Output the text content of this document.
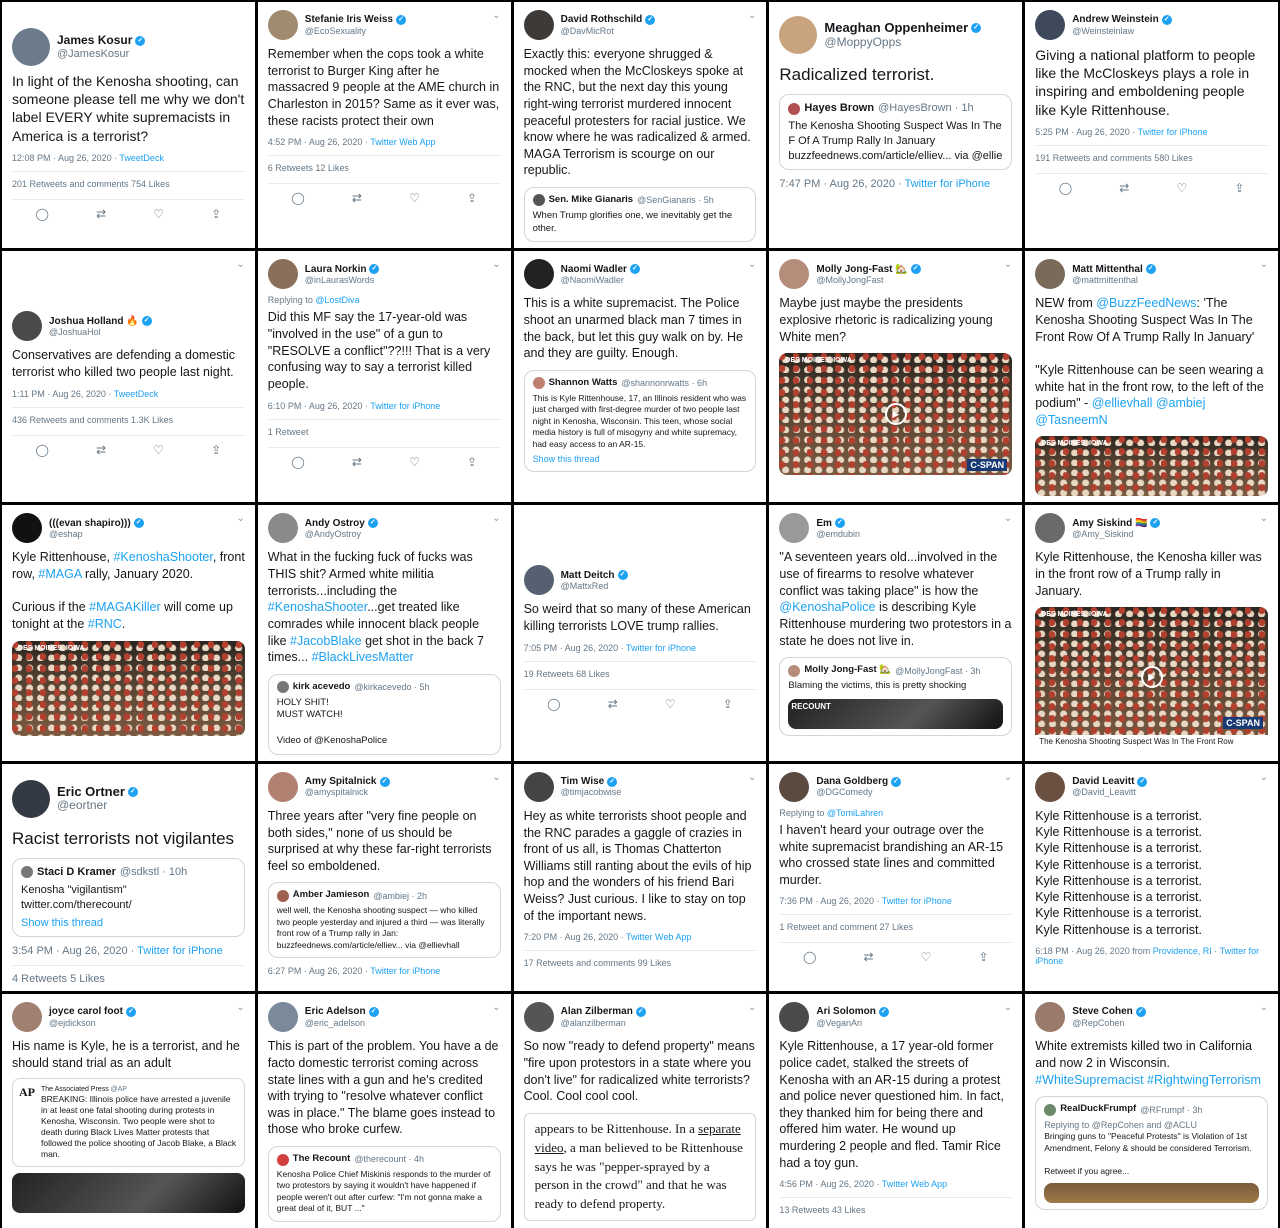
James Kosur ✓
@JamesKosur
In light of the Kenosha shooting, can someone please tell me why we don't label EVERY white supremacists in America is a terrorist?
12:08 PM · Aug 26, 2020 · TweetDeck
201 Retweets and comments 754 Likes
◯	⇄	♡	⇪
⌄
Stefanie Iris Weiss ✓
@EcoSexuality
Remember when the cops took a white terrorist to Burger King after he massacred 9 people at the AME church in Charleston in 2015? Same as it ever was, these racists protect their own
4:52 PM · Aug 26, 2020 · Twitter Web App
6 Retweets 12 Likes
◯	⇄	♡	⇪
⌄
David Rothschild ✓
@DavMicRot
Exactly this: everyone shrugged & mocked when the McCloskeys spoke at the RNC, but the next day this young right-wing terrorist murdered innocent peaceful protesters for racial justice. We know where he was radicalized & armed. MAGA Terrorism is scourge on our republic.
Sen. Mike Gianaris @SenGianaris · 5h
When Trump glorifies one, we inevitably get the other.
Meaghan Oppenheimer ✓
@MoppyOpps
Radicalized terrorist.
Hayes Brown @HayesBrown · 1h
The Kenosha Shooting Suspect Was In The F Of A Trump Rally In January buzzfeednews.com/article/elliev... via @ellie
7:47 PM · Aug 26, 2020 · Twitter for iPhone
Andrew Weinstein ✓
@Weinsteinlaw
Giving a national platform to people like the McCloskeys plays a role in inspiring and emboldening people like Kyle Rittenhouse.
5:25 PM · Aug 26, 2020 · Twitter for iPhone
191 Retweets and comments 580 Likes
◯	⇄	♡	⇪
⌄
Joshua Holland 🔥 ✓
@JoshuaHol
Conservatives are defending a domestic terrorist who killed two people last night.
1:11 PM · Aug 26, 2020 · TweetDeck
436 Retweets and comments 1.3K Likes
◯	⇄	♡	⇪
⌄
Laura Norkin ✓
@inLaurasWords
Replying to @LostDiva
Did this MF say the 17-year-old was "involved in the use" of a gun to "RESOLVE a conflict"??!!! That is a very confusing way to say a terrorist killed people.
6:10 PM · Aug 26, 2020 · Twitter for iPhone
1 Retweet
◯	⇄	♡	⇪
⌄
Naomi Wadler ✓
@NaomiWadler
This is a white supremacist. The Police shoot an unarmed black man 7 times in the back, but let this guy walk on by. He and they are guilty. Enough.
Shannon Watts @shannonrwatts · 6h
This is Kyle Rittenhouse, 17, an Illinois resident who was just charged with first-degree murder of two people last night in Kenosha, Wisconsin. This teen, whose social media history is full of misogyny and white supremacy, had easy access to an AR-15.
Show this thread
⌄
Molly Jong-Fast 🏡 ✓
@MollyJongFast
Maybe just maybe the presidents explosive rhetoric is radicalizing young White men?
DES MOINES, IOWA
▶
C-SPAN
⌄
Matt Mittenthal ✓
@mattmittenthal
NEW from @BuzzFeedNews: 'The Kenosha Shooting Suspect Was In The Front Row Of A Trump Rally In January'

"Kyle Rittenhouse can be seen wearing a white hat in the front row, to the left of the podium" - @ellievhall @ambiej @TasneemN
DES MOINES, IOWA
⌄
(((evan shapiro))) ✓
@eshap
Kyle Rittenhouse, #KenoshaShooter, front row, #MAGA rally, January 2020.

Curious if the #MAGAKiller will come up tonight at the #RNC.
DES MOINES, IOWA
⌄
Andy Ostroy ✓
@AndyOstroy
What in the fucking fuck of fucks was THIS shit? Armed white militia terrorists...including the #KenoshaShooter...get treated like comrades while innocent black people like #JacobBlake get shot in the back 7 times... #BlackLivesMatter
kirk acevedo @kirkacevedo · 5h
HOLY SHIT!
MUST WATCH!

Video of @KenoshaPolice
Matt Deitch ✓
@MattxRed
So weird that so many of these American killing terrorists LOVE trump rallies.
7:05 PM · Aug 26, 2020 · Twitter for iPhone
19 Retweets 68 Likes
◯	⇄	♡	⇪
⌄
Em ✓
@emdubin
"A seventeen years old...involved in the use of firearms to resolve whatever conflict was taking place" is how the @KenoshaPolice is describing Kyle Rittenhouse murdering two protestors in a state he does not live in.
Molly Jong-Fast 🏡 @MollyJongFast · 3h
Blaming the victims, this is pretty shocking
RECOUNT
⌄
Amy Siskind 🏳️‍🌈 ✓
@Amy_Siskind
Kyle Rittenhouse, the Kenosha killer was in the front row of a Trump rally in January.
DES MOINES, IOWA
▶
C-SPAN
The Kenosha Shooting Suspect Was In The Front Row
Eric Ortner ✓
@eortner
Racist terrorists not vigilantes
Staci D Kramer @sdkstl · 10h
Kenosha "vigilantism" twitter.com/therecount/
Show this thread
3:54 PM · Aug 26, 2020 · Twitter for iPhone
4 Retweets 5 Likes
⌄
Amy Spitalnick ✓
@amyspitalnick
Three years after "very fine people on both sides," none of us should be surprised at why these far-right terrorists feel so emboldened.
Amber Jamieson @ambiej · 2h
well well, the Kenosha shooting suspect — who killed two people yesterday and injured a third — was literally front row of a Trump rally in Jan: buzzfeednews.com/article/elliev... via @ellievhall
6:27 PM · Aug 26, 2020 · Twitter for iPhone
⌄
Tim Wise ✓
@timjacobwise
Hey as white terrorists shoot people and the RNC parades a gaggle of crazies in front of us all, is Thomas Chatterton Williams still ranting about the evils of hip hop and the wonders of his friend Bari Weiss? Just curious. I like to stay on top of the important news.
7:20 PM · Aug 26, 2020 · Twitter Web App
17 Retweets and comments 99 Likes
⌄
Dana Goldberg ✓
@DGComedy
Replying to @TomiLahren
I haven't heard your outrage over the white supremacist brandishing an AR-15 who crossed state lines and committed murder.
7:36 PM · Aug 26, 2020 · Twitter for iPhone
1 Retweet and comment 27 Likes
◯	⇄	♡	⇪
⌄
David Leavitt ✓
@David_Leavitt
Kyle Rittenhouse is a terrorist.
Kyle Rittenhouse is a terrorist.
Kyle Rittenhouse is a terrorist.
Kyle Rittenhouse is a terrorist.
Kyle Rittenhouse is a terrorist.
Kyle Rittenhouse is a terrorist.
Kyle Rittenhouse is a terrorist.
Kyle Rittenhouse is a terrorist.
6:18 PM · Aug 26, 2020 from Providence, RI · Twitter for iPhone
⌄
joyce carol foot ✓
@ejdickson
His name is Kyle, he is a terrorist, and he should stand trial as an adult
AP The Associated Press @AP
BREAKING: Illinois police have arrested a juvenile in at least one fatal shooting during protests in Kenosha, Wisconsin. Two people were shot to death during Black Lives Matter protests that followed the police shooting of Jacob Blake, a Black man.
⌄
Eric Adelson ✓
@eric_adelson
This is part of the problem. You have a de facto domestic terrorist coming across state lines with a gun and he's credited with trying to "resolve whatever conflict was in place." The blame goes instead to those who broke curfew.
The Recount @therecount · 4h
Kenosha Police Chief Miskinis responds to the murder of two protestors by saying it wouldn't have happened if people weren't out after curfew: "I'm not gonna make a great deal of it, BUT ..."
⌄
Alan Zilberman ✓
@alanzilberman
So now "ready to defend property" means "fire upon protestors in a state where you don't live" for radicalized white terrorists? Cool. Cool cool cool.
appears to be Rittenhouse. In a separate video, a man believed to be Rittenhouse says he was "pepper-sprayed by a person in the crowd" and that he was ready to defend property.
⌄
Ari Solomon ✓
@VeganAri
Kyle Rittenhouse, a 17 year-old former police cadet, stalked the streets of Kenosha with an AR-15 during a protest and police never questioned him. In fact, they thanked him for being there and offered him water. He wound up murdering 2 people and fled. Tamir Rice had a toy gun.
4:56 PM · Aug 26, 2020 · Twitter Web App
13 Retweets 43 Likes
⌄
Steve Cohen ✓
@RepCohen
White extremists killed two in California and now 2 in Wisconsin. #WhiteSupremacist #RightwingTerrorism
RealDuckFrumpf @RFrumpf · 3h
Replying to @RepCohen and @ACLU
Bringing guns to "Peaceful Protests" is Violation of 1st Amendment, Felony & should be considered Terrorism.

Retweet if you agree...
